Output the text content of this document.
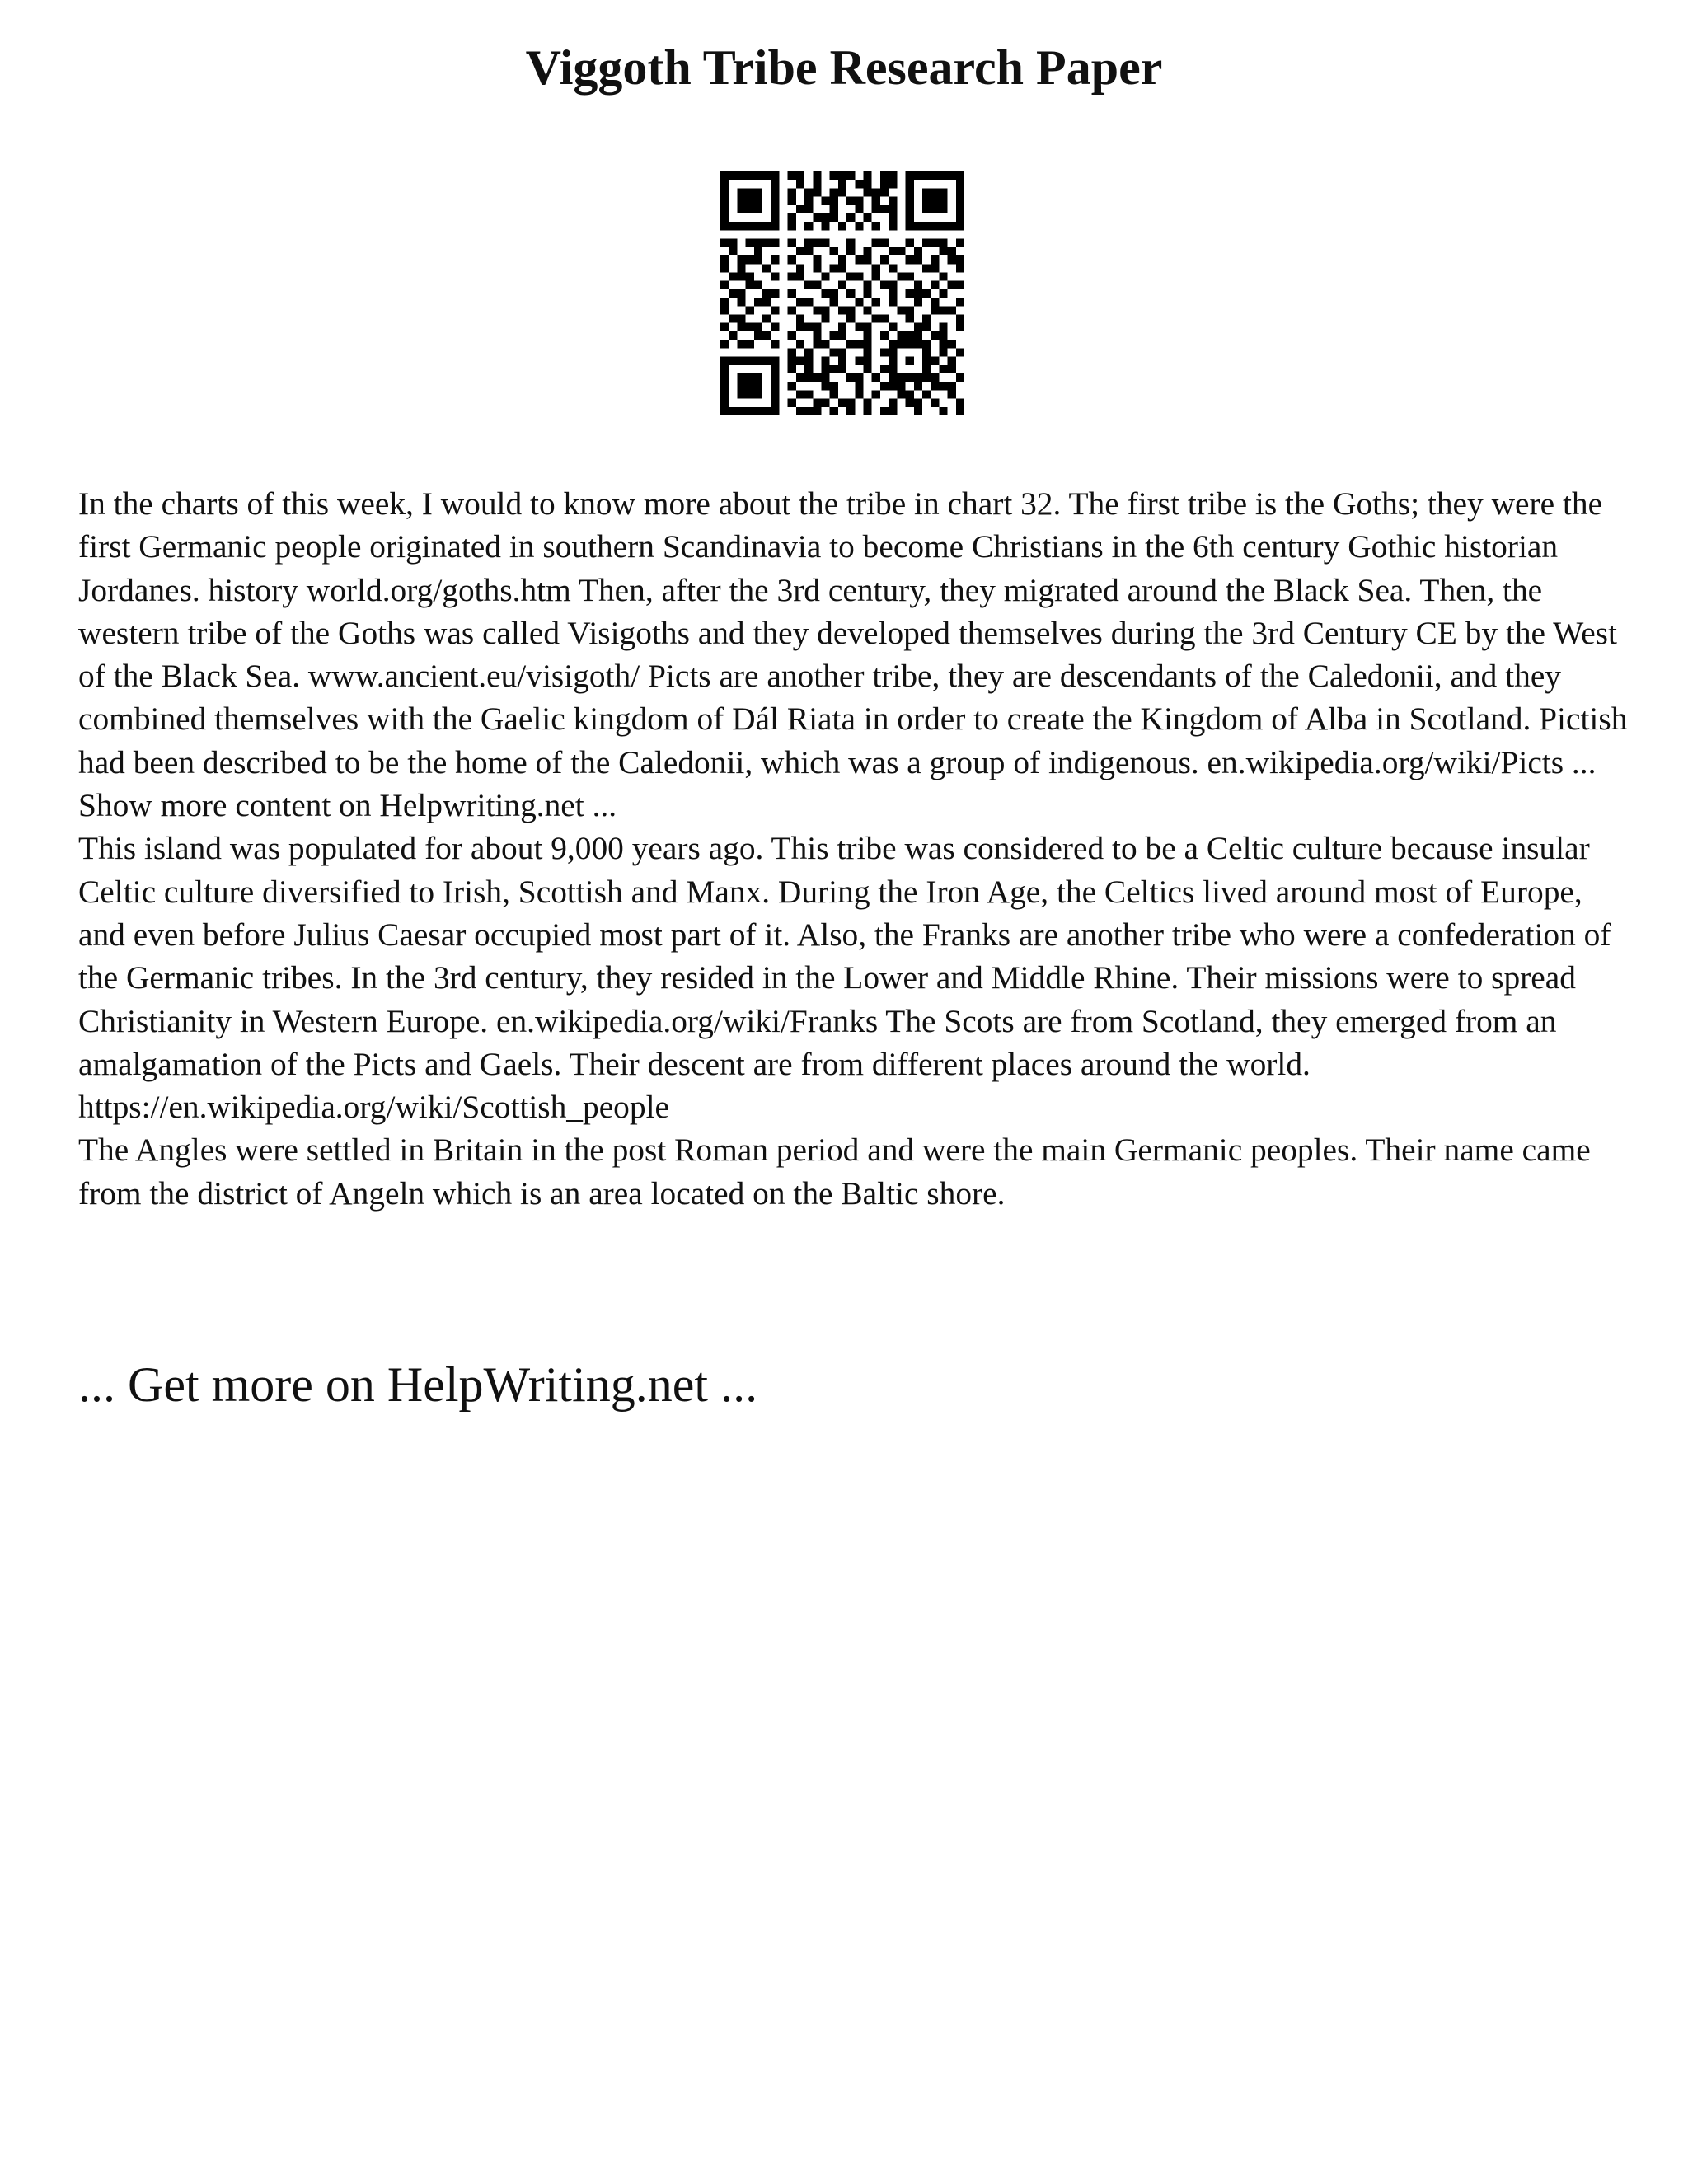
Viggoth Tribe Research Paper

In the charts of this week, I would to know more about the tribe in chart 32. The first tribe is the Goths; they were the first Germanic people originated in southern Scandinavia to become Christians in the 6th century Gothic historian Jordanes. history world.org/goths.htm Then, after the 3rd century, they migrated around the Black Sea. Then, the western tribe of the Goths was called Visigoths and they developed themselves during the 3rd Century CE by the West of the Black Sea. www.ancient.eu/visigoth/ Picts are another tribe, they are descendants of the Caledonii, and they combined themselves with the Gaelic kingdom of Dál Riata in order to create the Kingdom of Alba in Scotland. Pictish had been described to be the home of the Caledonii, which was a group of indigenous. en.wikipedia.org/wiki/Picts ... Show more content on Helpwriting.net ...

This island was populated for about 9,000 years ago. This tribe was considered to be a Celtic culture because insular Celtic culture diversified to Irish, Scottish and Manx. During the Iron Age, the Celtics lived around most of Europe, and even before Julius Caesar occupied most part of it. Also, the Franks are another tribe who were a confederation of the Germanic tribes. In the 3rd century, they resided in the Lower and Middle Rhine. Their missions were to spread Christianity in Western Europe. en.wikipedia.org/wiki/Franks The Scots are from Scotland, they emerged from an amalgamation of the Picts and Gaels. Their descent are from different places around the world. https://en.wikipedia.org/wiki/Scottish_people

The Angles were settled in Britain in the post Roman period and were the main Germanic peoples. Their name came from the district of Angeln which is an area located on the Baltic shore.

... Get more on HelpWriting.net ...
